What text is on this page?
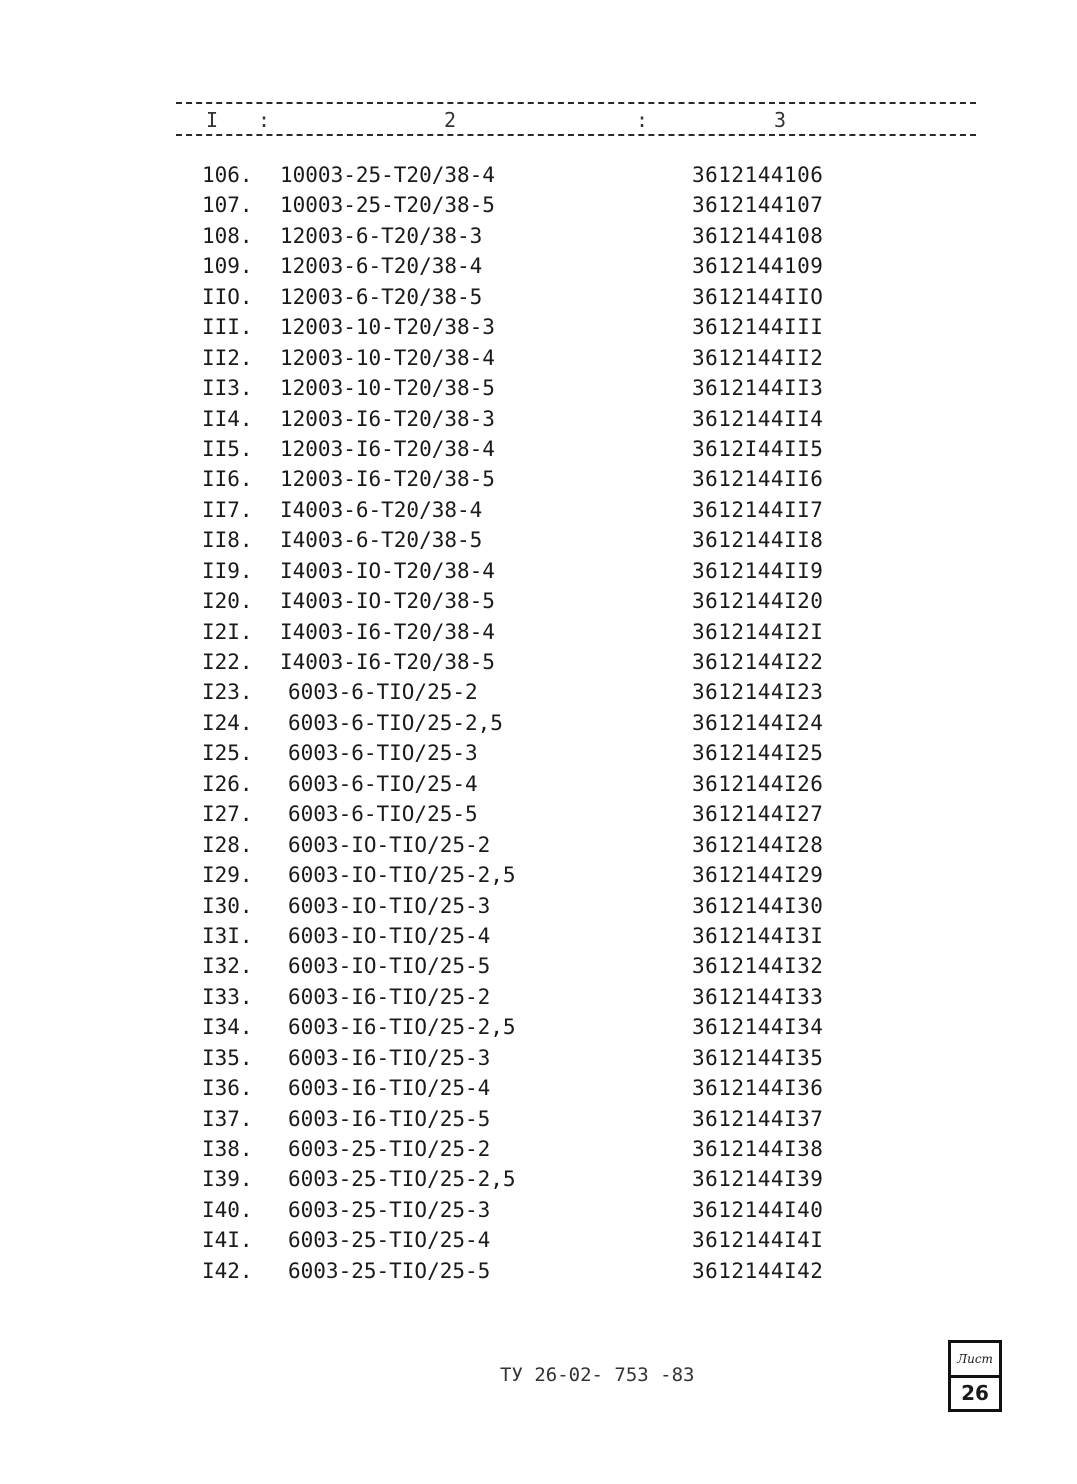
I :	2	:	3
106.	10003-25-T20/38-4	3612144106
107.	10003-25-T20/38-5	3612144107
108.	12003-6-T20/38-3	3612144108
109.	12003-6-T20/38-4	3612144109
IIO.	12003-6-T20/38-5	3612144IIO
III.	12003-10-T20/38-3	3612144III
II2.	12003-10-T20/38-4	3612144II2
II3.	12003-10-T20/38-5	3612144II3
II4.	12003-I6-T20/38-3	3612144II4
II5.	12003-I6-T20/38-4	3612I44II5
II6.	12003-I6-T20/38-5	3612144II6
II7.	I4003-6-T20/38-4	3612144II7
II8.	I4003-6-T20/38-5	3612144II8
II9.	I4003-IO-T20/38-4	3612144II9
I20.	I4003-IO-T20/38-5	3612144I20
I2I.	I4003-I6-T20/38-4	3612144I2I
I22.	I4003-I6-T20/38-5	3612144I22
I23.	6003-6-TIO/25-2	3612144I23
I24.	6003-6-TIO/25-2,5	3612144I24
I25.	6003-6-TIO/25-3	3612144I25
I26.	6003-6-TIO/25-4	3612144I26
I27.	6003-6-TIO/25-5	3612144I27
I28.	6003-IO-TIO/25-2	3612144I28
I29.	6003-IO-TIO/25-2,5	3612144I29
I30.	6003-IO-TIO/25-3	3612144I30
I3I.	6003-IO-TIO/25-4	3612144I3I
I32.	6003-IO-TIO/25-5	3612144I32
I33.	6003-I6-TIO/25-2	3612144I33
I34.	6003-I6-TIO/25-2,5	3612144I34
I35.	6003-I6-TIO/25-3	3612144I35
I36.	6003-I6-TIO/25-4	3612144I36
I37.	6003-I6-TIO/25-5	3612144I37
I38.	6003-25-TIO/25-2	3612144I38
I39.	6003-25-TIO/25-2,5	3612144I39
I40.	6003-25-TIO/25-3	3612144I40
I4I.	6003-25-TIO/25-4	3612144I4I
I42.	6003-25-TIO/25-5	3612144I42
ТУ 26-02- 753 -83
Лист
26
